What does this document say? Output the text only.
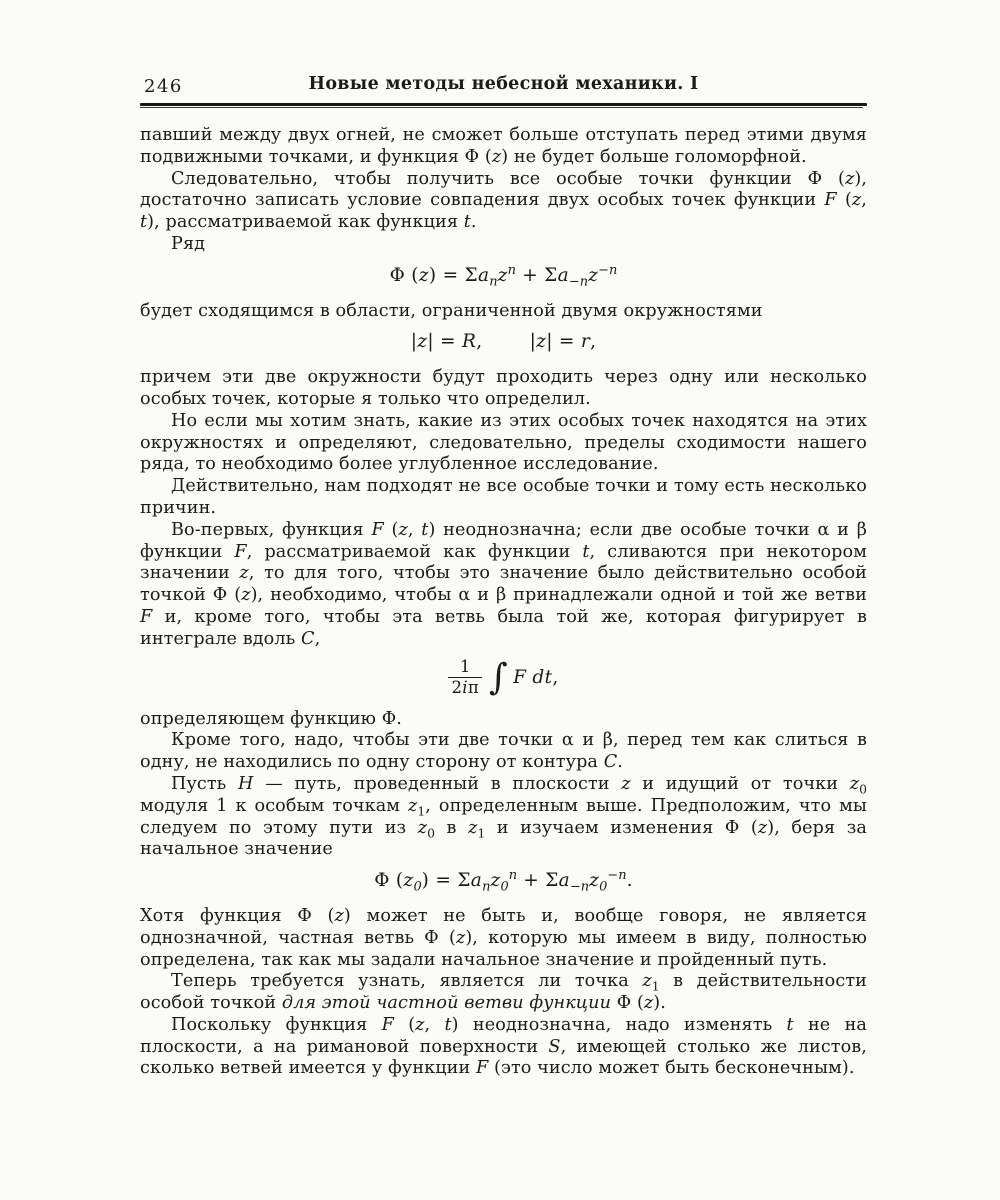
246	Новые методы небесной механики. I

павший между двух огней, не сможет больше отступать перед этими двумя подвижными точками, и функция Φ (z) не будет больше голоморфной.

Следовательно, чтобы получить все особые точки функции Φ (z), достаточно записать условие совпадения двух особых точек функции F (z, t), рассматриваемой как функция t.

Ряд

Φ $(z) = \Sigma a_nz^n + \Sigma a_{-n}z^{-n}$

будет сходящимся в области, ограниченной двумя окружностями

|z| = R,   |z| = r,

причем эти две окружности будут проходить через одну или несколько особых точек, которые я только что определил.

Но если мы хотим знать, какие из этих особых точек находятся на этих окружностях и определяют, следовательно, пределы сходимости нашего ряда, то необходимо более углубленное исследование.

Действительно, нам подходят не все особые точки и тому есть несколько причин.

Во-первых, функция F (z, t) неоднозначна; если две особые точки α и β функции F, рассматриваемой как функции t, сливаются при некотором значении z, то для того, чтобы это значение было действительно особой точкой Φ (z), необходимо, чтобы α и β принадлежали одной и той же ветви F и, кроме того, чтобы эта ветвь была той же, которая фигурирует в интеграле вдоль C,

$\frac{1}{2i\pi}$ ∫ F dt,

определяющем функцию Φ.

Кроме того, надо, чтобы эти две точки α и β, перед тем как слиться в одну, не находились по одну сторону от контура C.

Пусть H — путь, проведенный в плоскости z и идущий от точки $z_0$ модуля 1 к особым точкам $z_1$, определенным выше. Предположим, что мы следуем по этому пути из $z_0$ в $z_1$ и изучаем изменения Φ (z), беря за начальное значение

Φ $(z_0) = \Sigma a_nz_0^n + \Sigma a_{-n}z_0^{-n}$.

Хотя функция Φ (z) может не быть и, вообще говоря, не является однозначной, частная ветвь Φ (z), которую мы имеем в виду, полностью определена, так как мы задали начальное значение и пройденный путь.

Теперь требуется узнать, является ли точка $z_1$ в действительности особой точкой для этой частной ветви функции Φ (z).

Поскольку функция F (z, t) неоднозначна, надо изменять t не на плоскости, а на римановой поверхности S, имеющей столько же листов, сколько ветвей имеется у функции F (это число может быть бесконечным).
